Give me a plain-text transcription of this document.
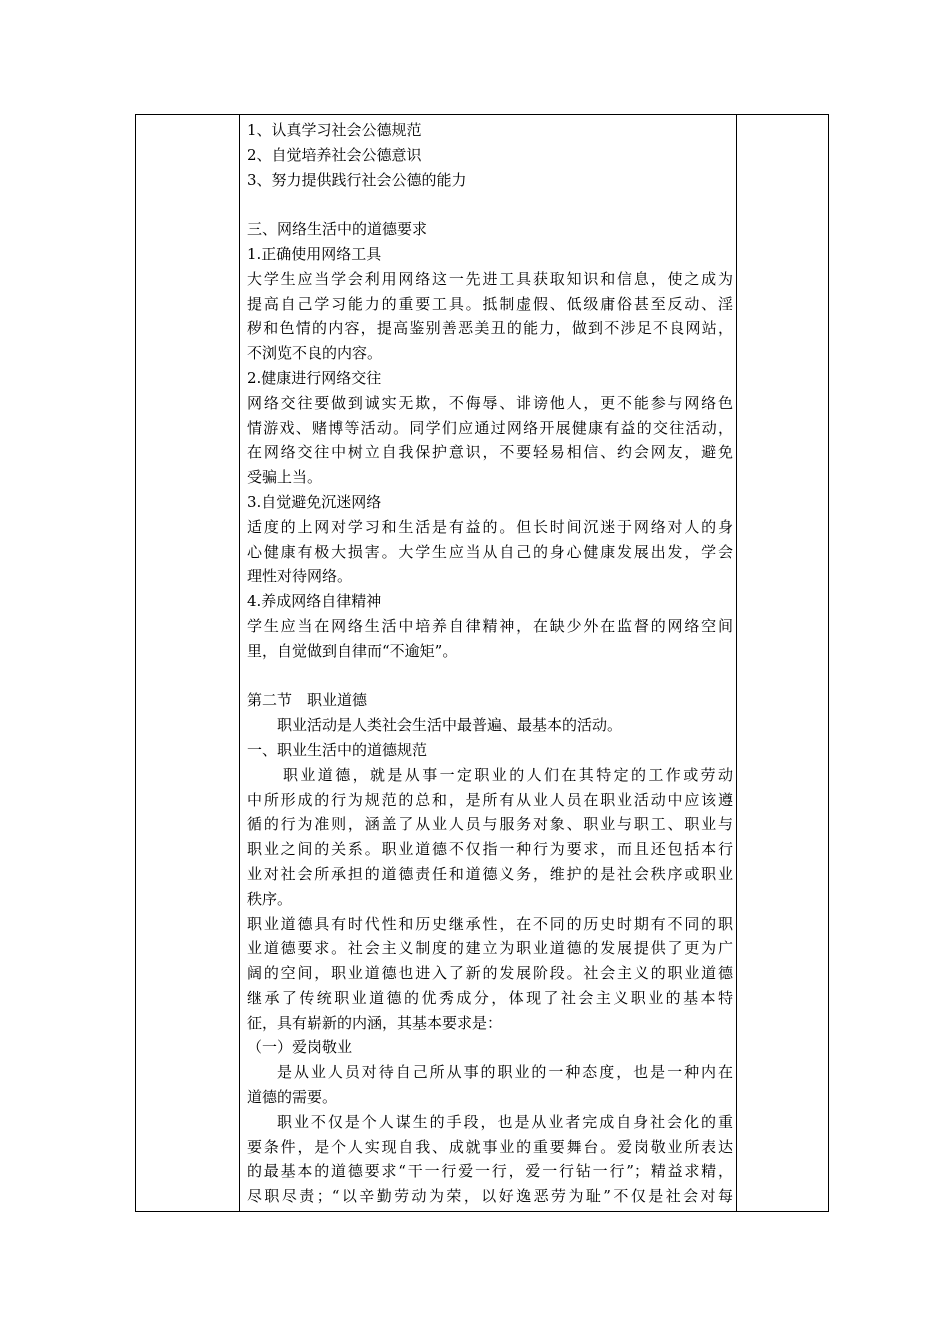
1、认真学习社会公德规范
2、自觉培养社会公德意识
3、努力提供践行社会公德的能力
三、网络生活中的道德要求
1.正确使用网络工具
大学生应当学会利用网络这一先进工具获取知识和信息，使之成为
提高自己学习能力的重要工具。抵制虚假、低级庸俗甚至反动、淫
秽和色情的内容，提高鉴别善恶美丑的能力，做到不涉足不良网站，
不浏览不良的内容。
2.健康进行网络交往
网络交往要做到诚实无欺，不侮辱、诽谤他人，更不能参与网络色
情游戏、赌博等活动。同学们应通过网络开展健康有益的交往活动，
在网络交往中树立自我保护意识，不要轻易相信、约会网友，避免
受骗上当。
3.自觉避免沉迷网络
适度的上网对学习和生活是有益的。但长时间沉迷于网络对人的身
心健康有极大损害。大学生应当从自己的身心健康发展出发，学会
理性对待网络。
4.养成网络自律精神
学生应当在网络生活中培养自律精神，在缺少外在监督的网络空间
里，自觉做到自律而“不逾矩”。
第二节　职业道德
职业活动是人类社会生活中最普遍、最基本的活动。
一、职业生活中的道德规范
职业道德，就是从事一定职业的人们在其特定的工作或劳动
中所形成的行为规范的总和，是所有从业人员在职业活动中应该遵
循的行为准则，涵盖了从业人员与服务对象、职业与职工、职业与
职业之间的关系。职业道德不仅指一种行为要求，而且还包括本行
业对社会所承担的道德责任和道德义务，维护的是社会秩序或职业
秩序。
职业道德具有时代性和历史继承性，在不同的历史时期有不同的职
业道德要求。社会主义制度的建立为职业道德的发展提供了更为广
阔的空间，职业道德也进入了新的发展阶段。社会主义的职业道德
继承了传统职业道德的优秀成分，体现了社会主义职业的基本特
征，具有崭新的内涵，其基本要求是：
（一）爱岗敬业
是从业人员对待自己所从事的职业的一种态度，也是一种内在
道德的需要。
职业不仅是个人谋生的手段，也是从业者完成自身社会化的重
要条件，是个人实现自我、成就事业的重要舞台。爱岗敬业所表达
的最基本的道德要求“干一行爱一行，爱一行钻一行”；精益求精，
尽职尽责；“以辛勤劳动为荣，以好逸恶劳为耻”不仅是社会对每
